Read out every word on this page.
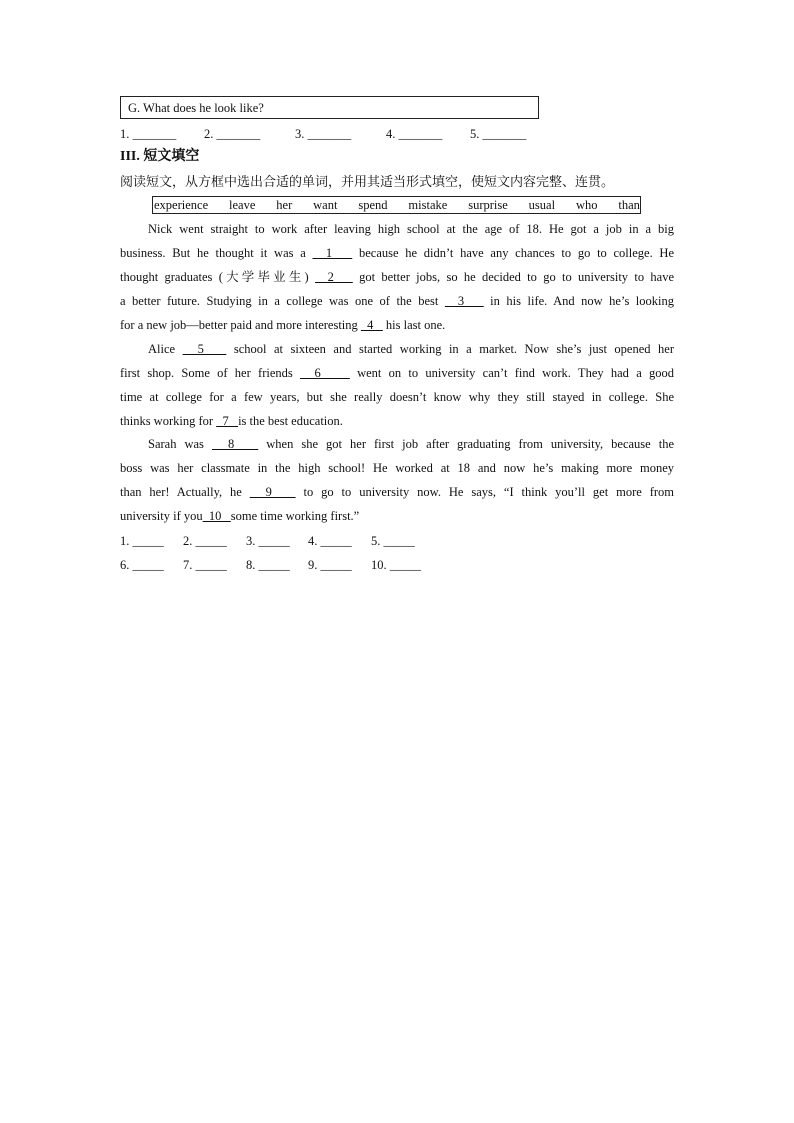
G. What does he look like?
1. _______ 2. _______	3. _______	4. _______ 5. _______
III. 短文填空
阅读短文，从方框中选出合适的单词，并用其适当形式填空，使短文内容完整、连贯。
experience leave her want spend mistake surprise usual who than
Nick went straight to work after leaving high school at the age of 18. He got a job in a big
business. But he thought it was a   1    because he didn’t have any chances to go to college. He
thought graduates (大学毕业生)   2    got better jobs, so he decided to go to university to have
a better future. Studying in a college was one of the best   3    in his life. And now he’s looking
for a new job—better paid and more interesting   4    his last one.
Alice   5    school at sixteen and started working in a market. Now she’s just opened her
first shop. Some of her friends   6     went on to university can’t find work. They had a good
time at college for a few years, but she really doesn’t know why they still stayed in college. She
thinks working for   7   is the best education.
Sarah was   8    when she got her first job after graduating from university, because the
boss was her classmate in the high school! He worked at 18 and now he’s making more money
than her! Actually, he   9    to go to university now. He says, “I think you’ll get more from
university if you  10   some time working first.”
1. _____ 2. _____ 3. _____ 4. _____ 5. _____
6. _____ 7. _____ 8. _____ 9. _____ 10. _____
